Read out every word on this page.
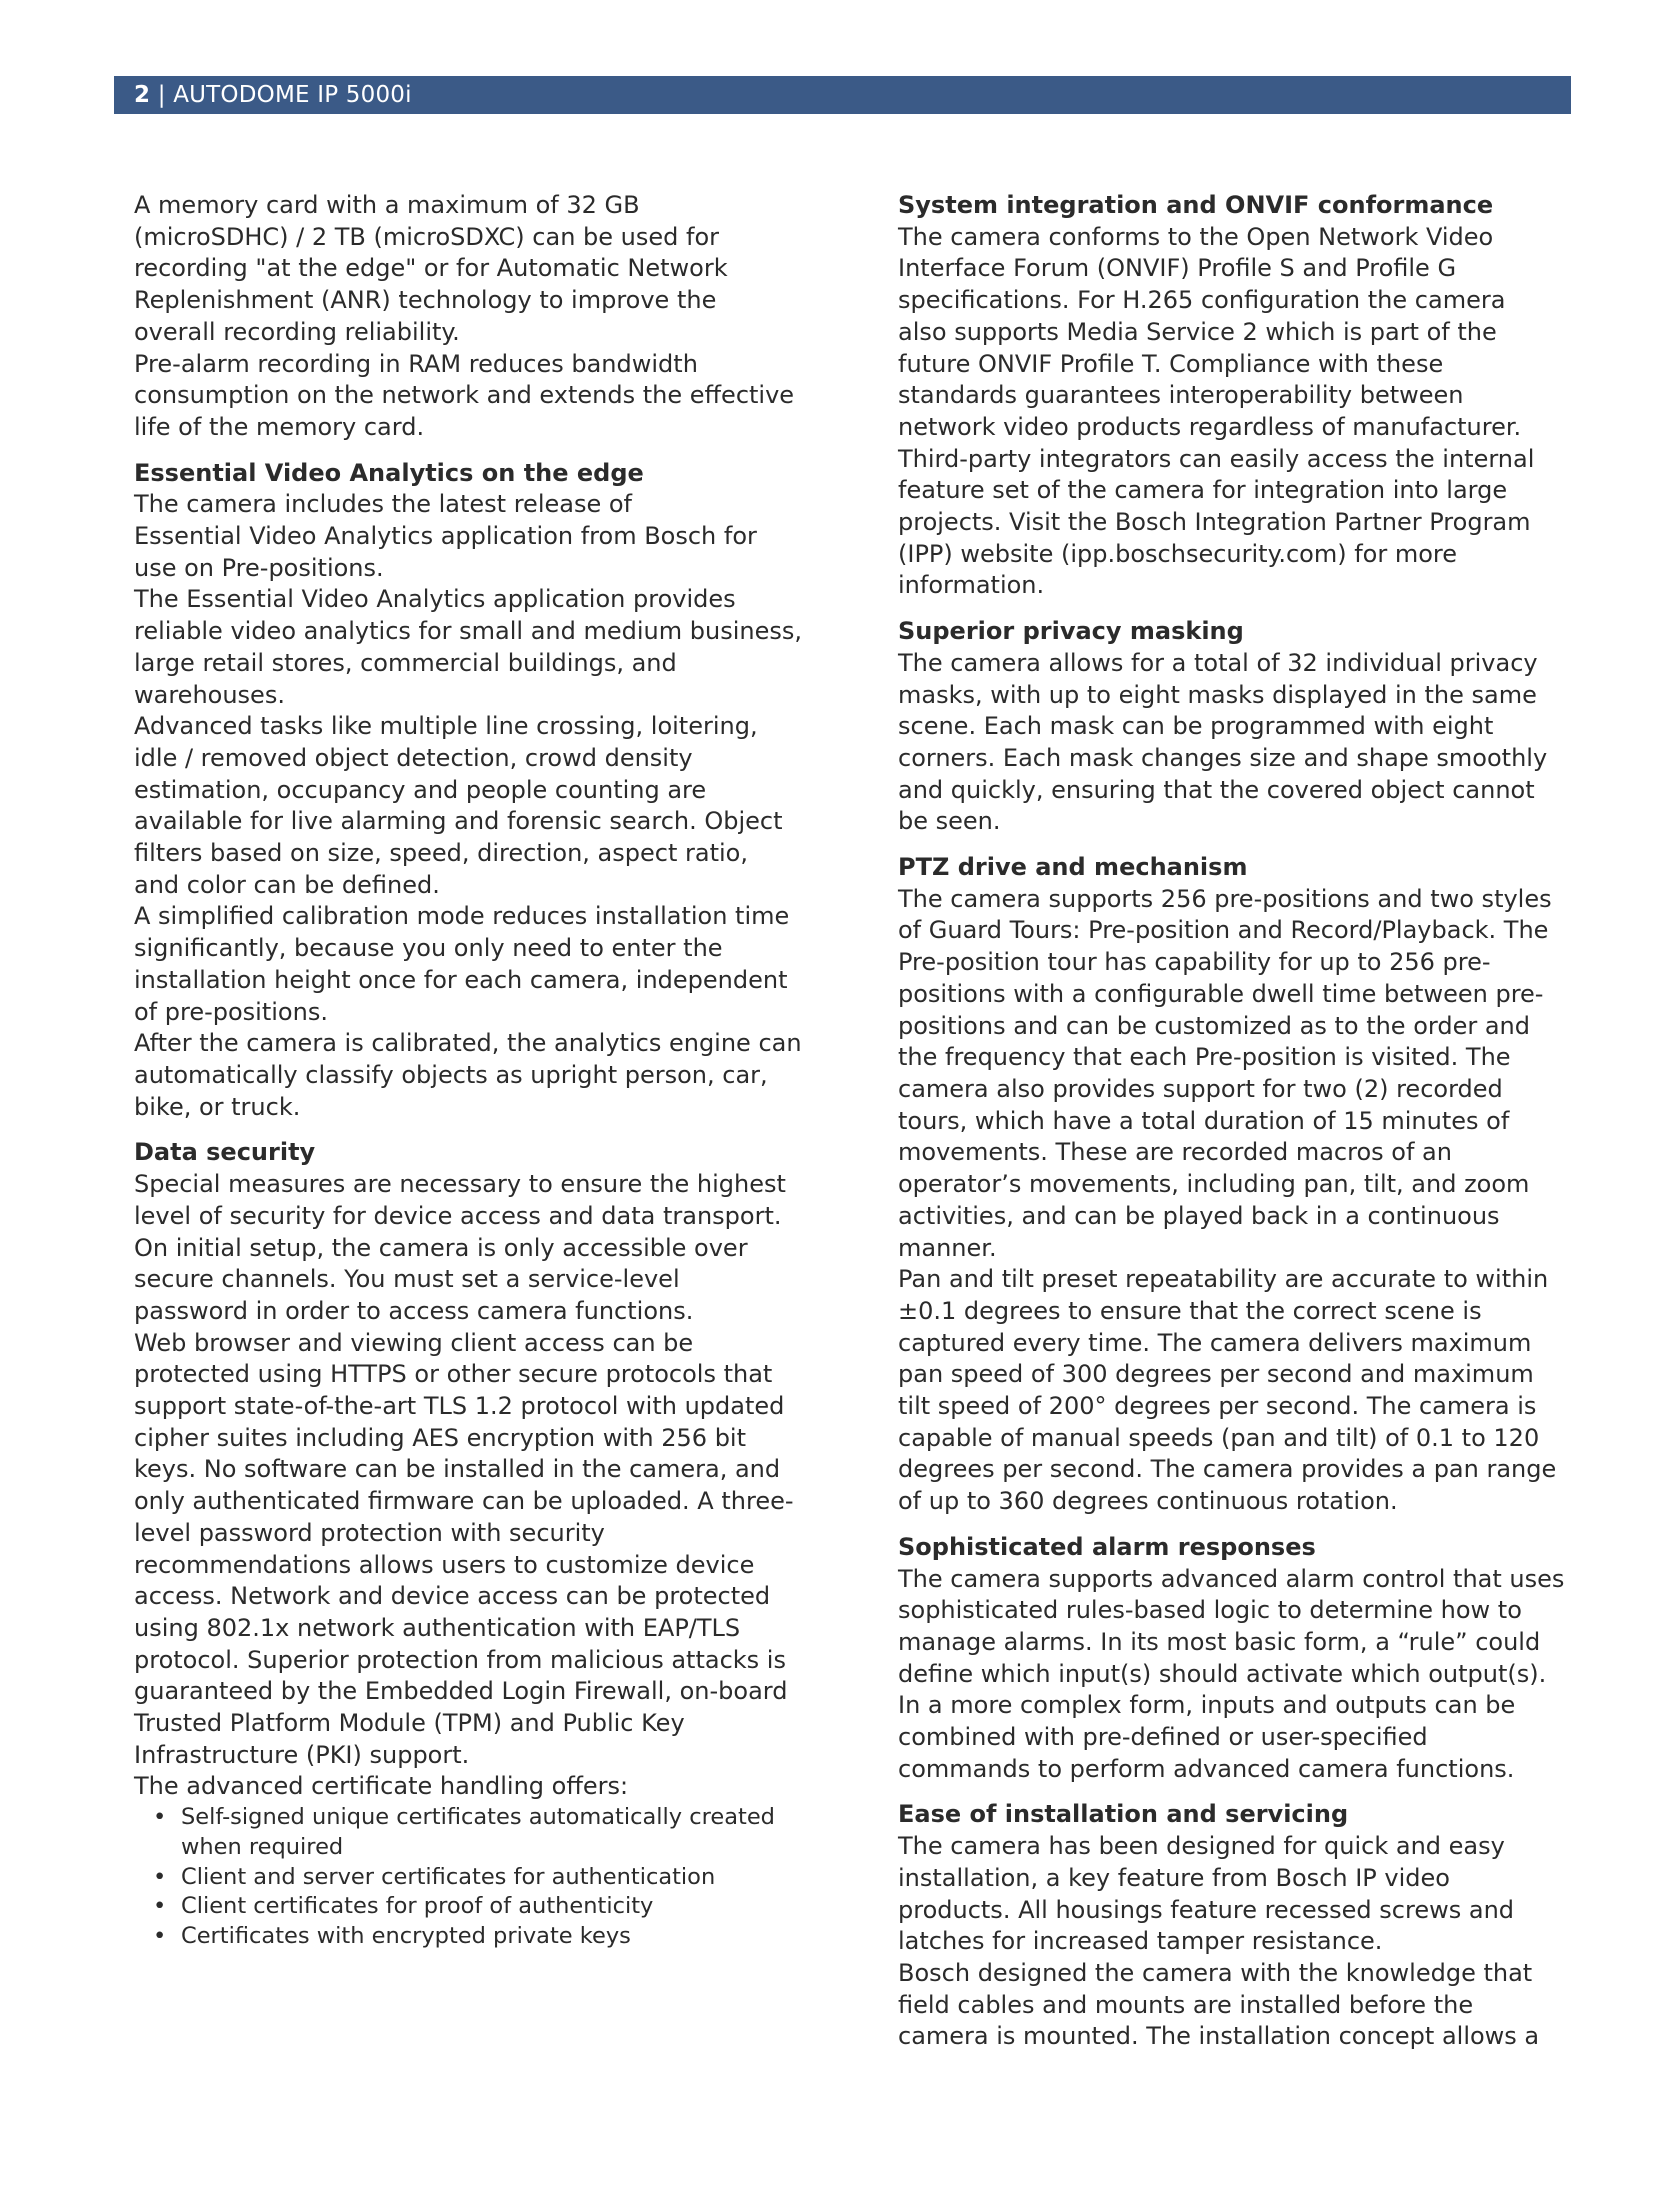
2 | AUTODOME IP 5000i

A memory card with a maximum of 32 GB

(microSDHC) / 2 TB (microSDXC) can be used for

recording "at the edge" or for Automatic Network

Replenishment (ANR) technology to improve the

overall recording reliability.

Pre-alarm recording in RAM reduces bandwidth

consumption on the network and extends the effective

life of the memory card.

Essential Video Analytics on the edge

The camera includes the latest release of

Essential Video Analytics application from Bosch for

use on Pre-positions.

The Essential Video Analytics application provides

reliable video analytics for small and medium business,

large retail stores, commercial buildings, and

warehouses.

Advanced tasks like multiple line crossing, loitering,

idle / removed object detection, crowd density

estimation, occupancy and people counting are

available for live alarming and forensic search. Object

filters based on size, speed, direction, aspect ratio,

and color can be defined.

A simplified calibration mode reduces installation time

significantly, because you only need to enter the

installation height once for each camera, independent

of pre-positions.

After the camera is calibrated, the analytics engine can

automatically classify objects as upright person, car,

bike, or truck.

Data security

Special measures are necessary to ensure the highest

level of security for device access and data transport.

On initial setup, the camera is only accessible over

secure channels. You must set a service-level

password in order to access camera functions.

Web browser and viewing client access can be

protected using HTTPS or other secure protocols that

support state-of-the-art TLS 1.2 protocol with updated

cipher suites including AES encryption with 256 bit

keys. No software can be installed in the camera, and

only authenticated firmware can be uploaded. A three-

level password protection with security

recommendations allows users to customize device

access. Network and device access can be protected

using 802.1x network authentication with EAP/TLS

protocol. Superior protection from malicious attacks is

guaranteed by the Embedded Login Firewall, on-board

Trusted Platform Module (TPM) and Public Key

Infrastructure (PKI) support.

The advanced certificate handling offers:

• Self-signed unique certificates automatically created
when required
• Client and server certificates for authentication
• Client certificates for proof of authenticity
• Certificates with encrypted private keys

System integration and ONVIF conformance

The camera conforms to the Open Network Video

Interface Forum (ONVIF) Profile S and Profile G

specifications. For H.265 configuration the camera

also supports Media Service 2 which is part of the

future ONVIF Profile T. Compliance with these

standards guarantees interoperability between

network video products regardless of manufacturer.

Third-party integrators can easily access the internal

feature set of the camera for integration into large

projects. Visit the Bosch Integration Partner Program

(IPP) website (ipp.boschsecurity.com) for more

information.

Superior privacy masking

The camera allows for a total of 32 individual privacy

masks, with up to eight masks displayed in the same

scene. Each mask can be programmed with eight

corners. Each mask changes size and shape smoothly

and quickly, ensuring that the covered object cannot

be seen.

PTZ drive and mechanism

The camera supports 256 pre-positions and two styles

of Guard Tours: Pre-position and Record/Playback. The

Pre-position tour has capability for up to 256 pre-

positions with a configurable dwell time between pre-

positions and can be customized as to the order and

the frequency that each Pre-position is visited. The

camera also provides support for two (2) recorded

tours, which have a total duration of 15 minutes of

movements. These are recorded macros of an

operator’s movements, including pan, tilt, and zoom

activities, and can be played back in a continuous

manner.

Pan and tilt preset repeatability are accurate to within

±0.1 degrees to ensure that the correct scene is

captured every time. The camera delivers maximum

pan speed of 300 degrees per second and maximum

tilt speed of 200° degrees per second. The camera is

capable of manual speeds (pan and tilt) of 0.1 to 120

degrees per second. The camera provides a pan range

of up to 360 degrees continuous rotation.

Sophisticated alarm responses

The camera supports advanced alarm control that uses

sophisticated rules-based logic to determine how to

manage alarms. In its most basic form, a “rule” could

define which input(s) should activate which output(s).

In a more complex form, inputs and outputs can be

combined with pre-defined or user-specified

commands to perform advanced camera functions.

Ease of installation and servicing

The camera has been designed for quick and easy

installation, a key feature from Bosch IP video

products. All housings feature recessed screws and

latches for increased tamper resistance.

Bosch designed the camera with the knowledge that

field cables and mounts are installed before the

camera is mounted. The installation concept allows a
